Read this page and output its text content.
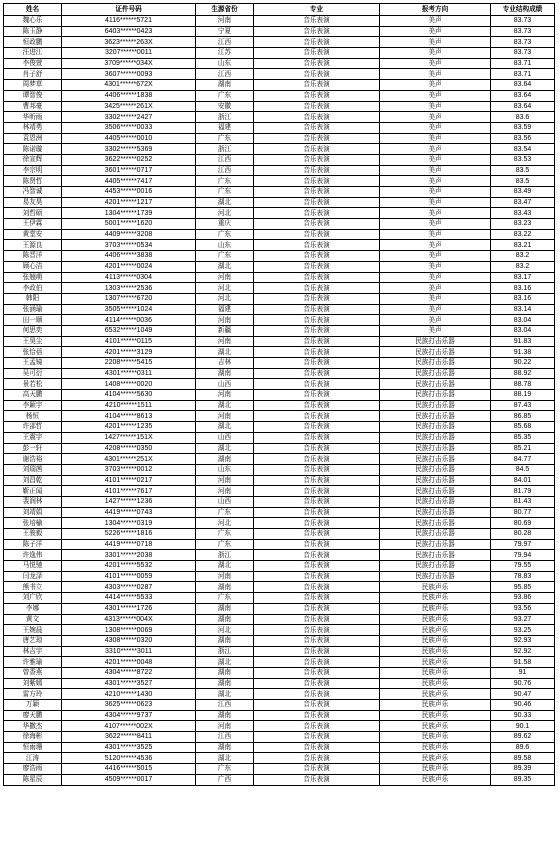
姓名	证件号码	生源省份	专业	报考方向	专业结构成绩
魏心乐	4116******5721	河南	音乐表演	美声	83.73
陈玉静	6403******0423	宁夏	音乐表演	美声	83.73
恒政鹏	3623******263X	江西	音乐表演	美声	83.73
汪进江	3207******0011	江苏	音乐表演	美声	83.73
李俊萱	3709******034X	山东	音乐表演	美声	83.71
肖子舒	3607******0093	江西	音乐表演	美声	83.71
周梦草	4301******672X	湖南	音乐表演	美声	83.64
谭智俊	4406******1838	广东	音乐表演	美声	83.64
曹邦豪	3425******261X	安徽	音乐表演	美声	83.64
华昕雨	3302******2427	浙江	音乐表演	美声	83.6
林靖勇	3506******0033	福建	音乐表演	美声	83.59
袁恩洲	4405******0010	广东	音乐表演	美声	83.56
陈诺璇	3302******5369	浙江	音乐表演	美声	83.54
徐宣辉	3622******0252	江西	音乐表演	美声	83.53
李宗明	3601******0717	江西	音乐表演	美声	83.5
陈贤哲	4405******7417	广东	音乐表演	美声	83.5
冯智诚	4453******0016	广东	音乐表演	美声	83.49
易友昊	4201******1217	湖北	音乐表演	美声	83.47
刘哲硕	1304******1739	河北	音乐表演	美声	83.43
王伊霖	5001******1620	重庆	音乐表演	美声	83.23
黄堂安	4409******3208	广东	音乐表演	美声	83.22
王源良	3703******0534	山东	音乐表演	美声	83.21
陈晋洋	4406******3838	广东	音乐表演	美声	83.2
顾心洁	4201******0024	湖北	音乐表演	美声	83.2
张翘萌	4113******0304	河南	音乐表演	美声	83.17
李政伯	1303******2536	河北	音乐表演	美声	83.16
韩阳	1307******6720	河北	音乐表演	美声	83.16
张涵瑜	3505******1024	福建	音乐表演	美声	83.14
田一顺	4114******0036	河南	音乐表演	美声	83.04
何思奕	6532******1049	新疆	音乐表演	美声	83.04
王昊尘	4101******0115	河南	音乐表演	民族打击乐器	91.83
张恰蓓	4201******3129	湖北	音乐表演	民族打击乐器	91.38
王孟镜	2208******5415	吉林	音乐表演	民族打击乐器	90.22
吴可衍	4301******0311	湖南	音乐表演	民族打击乐器	88.92
景若松	1408******0020	山西	音乐表演	民族打击乐器	88.78
高天鹏	4104******5630	河南	音乐表演	民族打击乐器	88.19
李颖宇	4210******1511	湖北	音乐表演	民族打击乐器	87.43
杨恒	4104******8613	河南	音乐表演	民族打击乐器	86.85
许邵哲	4201******1235	湖北	音乐表演	民族打击乐器	85.68
王震宇	1427******151X	山西	音乐表演	民族打击乐器	85.35
彭一轩	4208******0350	湖北	音乐表演	民族打击乐器	85.21
谢浩裕	4301******251X	湖南	音乐表演	民族打击乐器	84.77
刘瑞茜	3703******0012	山东	音乐表演	民族打击乐器	84.5
刘昌乾	4101******0217	河南	音乐表演	民族打击乐器	84.01
靳正闻	4101******7617	河南	音乐表演	民族打击乐器	81.79
裴润林	1427******1236	山西	音乐表演	民族打击乐器	81.43
刘靖娟	4419******0743	广东	音乐表演	民族打击乐器	80.77
张培榆	1304******0319	河北	音乐表演	民族打击乐器	80.69
王骏毅	5226******1816	广东	音乐表演	民族打击乐器	80.28
陈子洋	4419******0718	广东	音乐表演	民族打击乐器	79.97
许逸伟	3301******2038	浙江	音乐表演	民族打击乐器	79.94
马悦驰	4201******5532	湖北	音乐表演	民族打击乐器	79.55
闫龙泽	4101******0059	河南	音乐表演	民族打击乐器	78.83
熊书立	4303******0287	湖南	音乐表演	民族声乐	95.85
刘广欣	4414******5533	广东	音乐表演	民族声乐	93.86
李娜	4301******1726	湖南	音乐表演	民族声乐	93.56
黄文	4313******004X	湖南	音乐表演	民族声乐	93.27
王婉晨	1308******0069	河北	音乐表演	民族声乐	93.25
唐艺琼	4308******0320	湖南	音乐表演	民族声乐	92.93
林吉宇	3310******3011	浙江	音乐表演	民族声乐	92.92
许雅瑜	4201******0048	湖北	音乐表演	民族声乐	91.58
曾香燕	4304******8722	湖南	音乐表演	民族声乐	91
刘紫嫣	4301******3527	湖南	音乐表演	民族声乐	90.76
雷方玲	4210******1430	湖北	音乐表演	民族声乐	90.47
万颖	3625******0623	江西	音乐表演	民族声乐	90.46
廖天鹏	4304******9737	湖南	音乐表演	民族声乐	90.33
华撒杰	4107******002X	河南	音乐表演	民族声乐	90.1
徐海彬	3622******8411	江西	音乐表演	民族声乐	89.62
恒雨珊	4301******3525	湖南	音乐表演	民族声乐	89.6
江涛	5120******4536	湖北	音乐表演	民族声乐	89.58
廖浩雨	4416******5015	广东	音乐表演	民族声乐	89.39
陈星辰	4509******0017	广西	音乐表演	民族声乐	89.35
